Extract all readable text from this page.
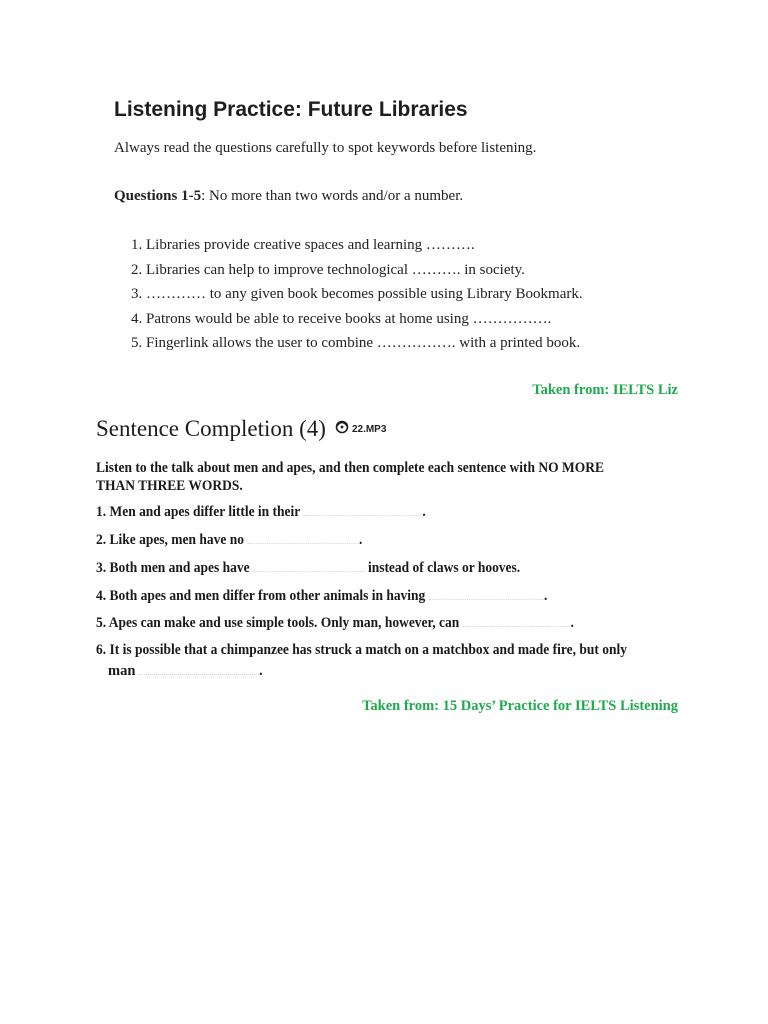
Listening Practice: Future Libraries
Always read the questions carefully to spot keywords before listening.
Questions 1-5: No more than two words and/or a number.
1. Libraries provide creative spaces and learning ……….
2. Libraries can help to improve technological ………. in society.
3. ………… to any given book becomes possible using Library Bookmark.
4. Patrons would be able to receive books at home using …………….
5. Fingerlink allows the user to combine ……………. with a printed book.
Taken from: IELTS Liz
Sentence Completion (4)	22.MP3
Listen to the talk about men and apes, and then complete each sentence with NO MORE THAN THREE WORDS.
1. Men and apes differ little in their	.
2. Like apes, men have no	.
3. Both men and apes have	instead of claws or hooves.
4. Both apes and men differ from other animals in having	.
5. Apes can make and use simple tools. Only man, however, can	.
6. It is possible that a chimpanzee has struck a match on a matchbox and made fire, but only
man	.
Taken from: 15 Days’ Practice for IELTS Listening
